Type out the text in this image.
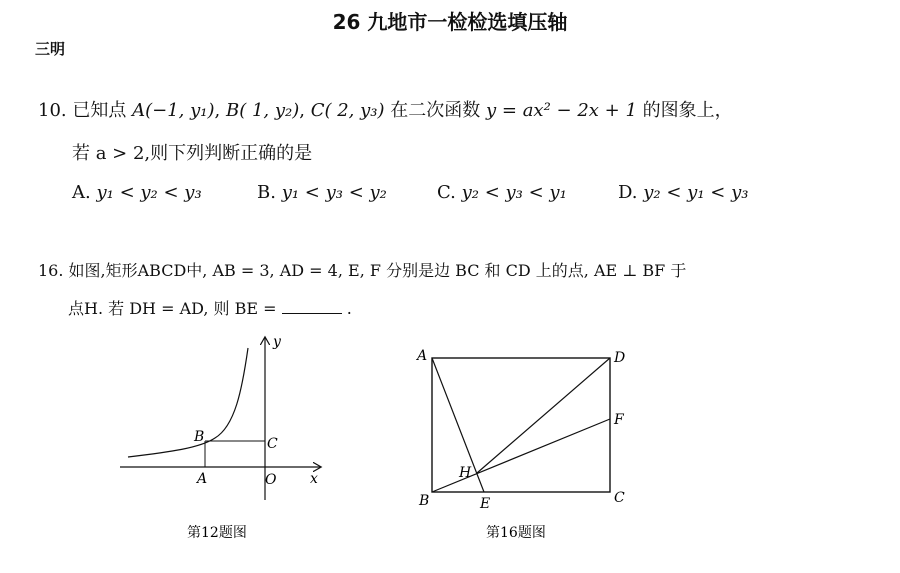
26 九地市一检检选填压轴
三明
10. 已知点 A(−1, y₁), B( 1, y₂), C( 2, y₃) 在二次函数 y = ax² − 2x + 1 的图象上，
若 a > 2,则下列判断正确的是
A. y₁ < y₂ < y₃	B. y₁ < y₃ < y₂	C. y₂ < y₃ < y₁	D. y₂ < y₁ < y₃
16. 如图,矩形ABCD中, AB = 3, AD = 4, E, F 分别是边 BC 和 CD 上的点, AE ⊥ BF 于
点H. 若 DH = AD, 则 BE =	.
y
x
O
A
B	C
第12题图
A	D
B	C
E
F
H
第16题图
